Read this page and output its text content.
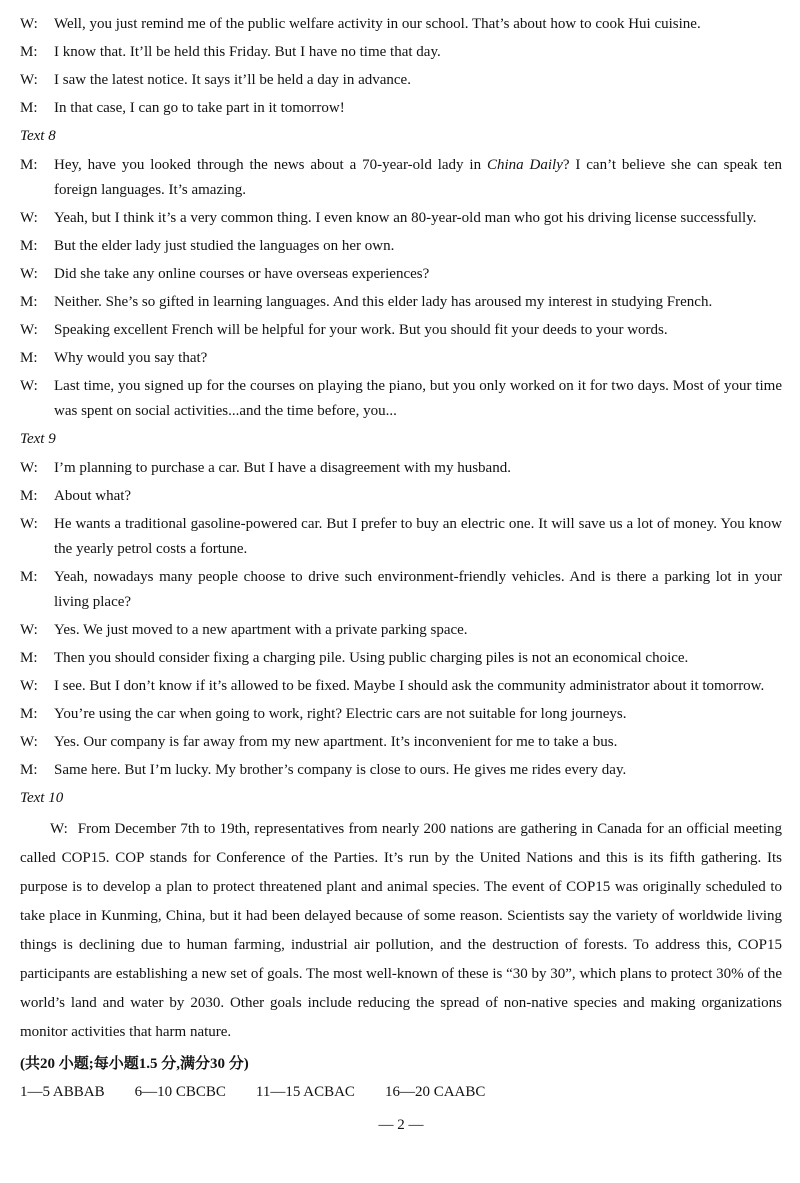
W: Well, you just remind me of the public welfare activity in our school. That’s about how to cook Hui cuisine.
M: I know that. It’ll be held this Friday. But I have no time that day.
W: I saw the latest notice. It says it’ll be held a day in advance.
M: In that case, I can go to take part in it tomorrow!
Text 8
M: Hey, have you looked through the news about a 70-year-old lady in China Daily? I can’t believe she can speak ten foreign languages. It’s amazing.
W: Yeah, but I think it’s a very common thing. I even know an 80-year-old man who got his driving license successfully.
M: But the elder lady just studied the languages on her own.
W: Did she take any online courses or have overseas experiences?
M: Neither. She’s so gifted in learning languages. And this elder lady has aroused my interest in studying French.
W: Speaking excellent French will be helpful for your work. But you should fit your deeds to your words.
M: Why would you say that?
W: Last time, you signed up for the courses on playing the piano, but you only worked on it for two days. Most of your time was spent on social activities...and the time before, you...
Text 9
W: I’m planning to purchase a car. But I have a disagreement with my husband.
M: About what?
W: He wants a traditional gasoline-powered car. But I prefer to buy an electric one. It will save us a lot of money. You know the yearly petrol costs a fortune.
M: Yeah, nowadays many people choose to drive such environment-friendly vehicles. And is there a parking lot in your living place?
W: Yes. We just moved to a new apartment with a private parking space.
M: Then you should consider fixing a charging pile. Using public charging piles is not an economical choice.
W: I see. But I don’t know if it’s allowed to be fixed. Maybe I should ask the community administrator about it tomorrow.
M: You’re using the car when going to work, right? Electric cars are not suitable for long journeys.
W: Yes. Our company is far away from my new apartment. It’s inconvenient for me to take a bus.
M: Same here. But I’m lucky. My brother’s company is close to ours. He gives me rides every day.
Text 10
W: From December 7th to 19th, representatives from nearly 200 nations are gathering in Canada for an official meeting called COP15. COP stands for Conference of the Parties. It’s run by the United Nations and this is its fifth gathering. Its purpose is to develop a plan to protect threatened plant and animal species. The event of COP15 was originally scheduled to take place in Kunming, China, but it had been delayed because of some reason. Scientists say the variety of worldwide living things is declining due to human farming, industrial air pollution, and the destruction of forests. To address this, COP15 participants are establishing a new set of goals. The most well-known of these is “30 by 30”, which plans to protect 30% of the world’s land and water by 2030. Other goals include reducing the spread of non-native species and making organizations monitor activities that harm nature.
(共20 小题;每小题1.5 分,满分30 分)
1—5 ABBAB 6—10 CBCBC 11—15 ACBAC 16—20 CAABC
— 2 —
